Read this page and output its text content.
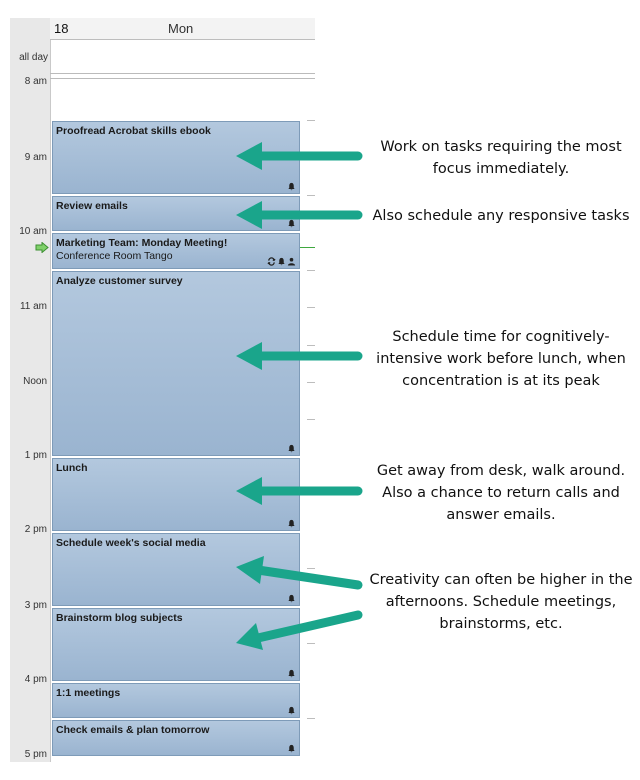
18	Mon
all day
8 am
9 am
10 am
11 am
Noon
1 pm
2 pm
3 pm
4 pm
5 pm
Proofread Acrobat skills ebook
Review emails
Marketing Team: Monday Meeting!
Conference Room Tango
Analyze customer survey
Lunch
Schedule week's social media
Brainstorm blog subjects
1:1 meetings
Check emails & plan tomorrow
Work on tasks requiring the most
focus immediately.
Also schedule any responsive tasks
Schedule time for cognitively-
intensive work before lunch, when
concentration is at its peak
Get away from desk, walk around.
Also a chance to return calls and
answer emails.
Creativity can often be higher in the
afternoons. Schedule meetings,
brainstorms, etc.
